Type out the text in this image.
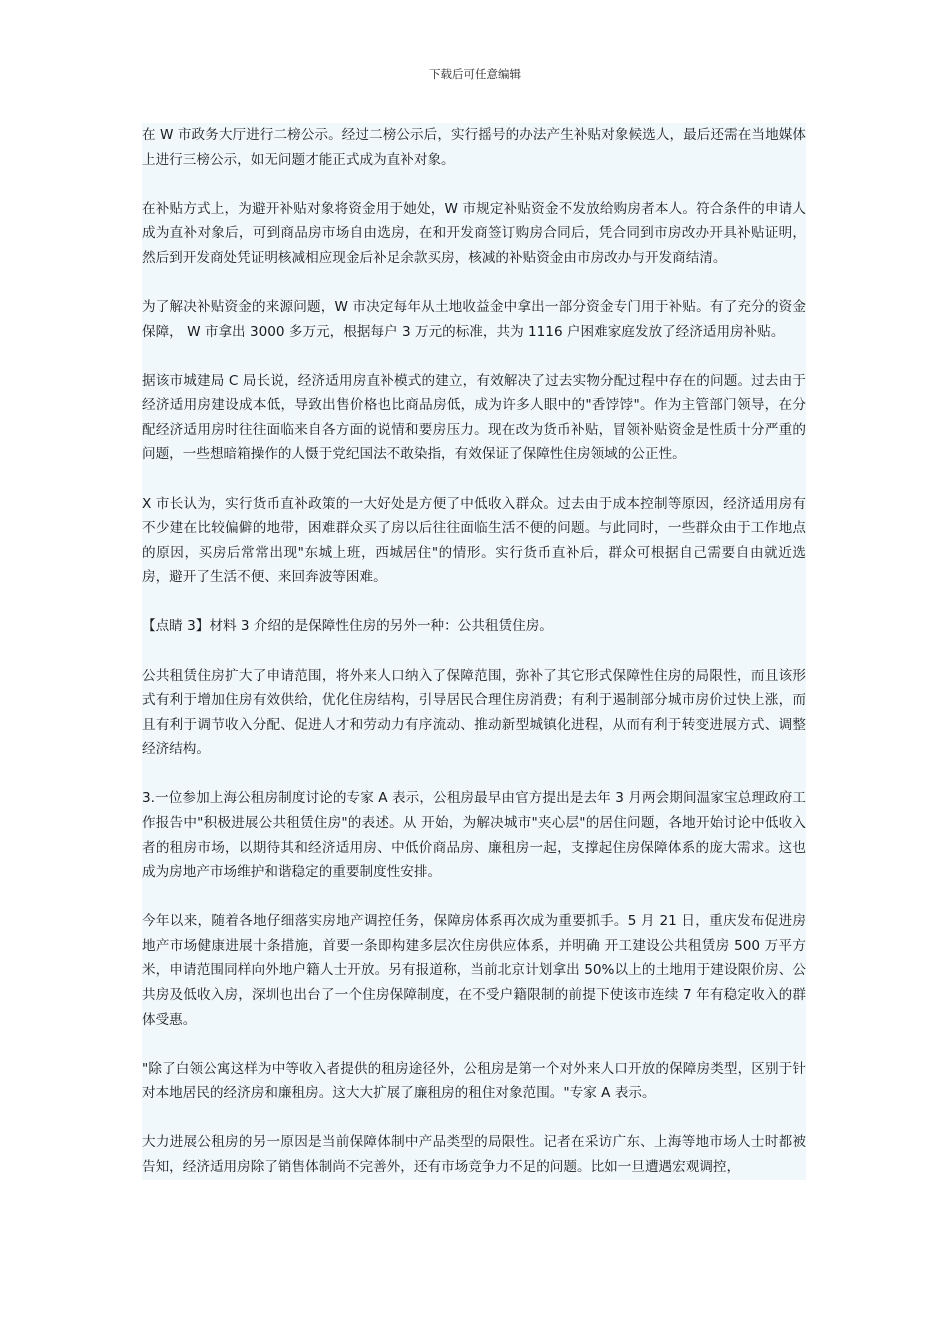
下载后可任意编辑

在 W 市政务大厅进行二榜公示。经过二榜公示后，实行摇号的办法产生补贴对象候选人，最后还需在当地媒体上进行三榜公示，如无问题才能正式成为直补对象。

在补贴方式上，为避开补贴对象将资金用于她处，W 市规定补贴资金不发放给购房者本人。符合条件的申请人成为直补对象后，可到商品房市场自由选房，在和开发商签订购房合同后，凭合同到市房改办开具补贴证明，然后到开发商处凭证明核减相应现金后补足余款买房，核减的补贴资金由市房改办与开发商结清。

为了解决补贴资金的来源问题，W 市决定每年从土地收益金中拿出一部分资金专门用于补贴。有了充分的资金保障， W 市拿出 3000 多万元，根据每户 3 万元的标准，共为 1116 户困难家庭发放了经济适用房补贴。

据该市城建局 C 局长说，经济适用房直补模式的建立，有效解决了过去实物分配过程中存在的问题。过去由于经济适用房建设成本低，导致出售价格也比商品房低，成为许多人眼中的"香饽饽"。作为主管部门领导，在分配经济适用房时往往面临来自各方面的说情和要房压力。现在改为货币补贴，冒领补贴资金是性质十分严重的问题，一些想暗箱操作的人慑于党纪国法不敢染指，有效保证了保障性住房领域的公正性。

X 市长认为，实行货币直补政策的一大好处是方便了中低收入群众。过去由于成本控制等原因，经济适用房有不少建在比较偏僻的地带，困难群众买了房以后往往面临生活不便的问题。与此同时，一些群众由于工作地点的原因，买房后常常出现"东城上班，西城居住"的情形。实行货币直补后，群众可根据自己需要自由就近选房，避开了生活不便、来回奔波等困难。

【点睛 3】材料 3 介绍的是保障性住房的另外一种：公共租赁住房。

公共租赁住房扩大了申请范围，将外来人口纳入了保障范围，弥补了其它形式保障性住房的局限性，而且该形式有利于增加住房有效供给，优化住房结构，引导居民合理住房消费；有利于遏制部分城市房价过快上涨，而且有利于调节收入分配、促进人才和劳动力有序流动、推动新型城镇化进程，从而有利于转变进展方式、调整经济结构。

3.一位参加上海公租房制度讨论的专家 A 表示，公租房最早由官方提出是去年 3 月两会期间温家宝总理政府工作报告中"积极进展公共租赁住房"的表述。从 开始，为解决城市"夹心层"的居住问题，各地开始讨论中低收入者的租房市场，以期待其和经济适用房、中低价商品房、廉租房一起，支撑起住房保障体系的庞大需求。这也成为房地产市场维护和谐稳定的重要制度性安排。

今年以来，随着各地仔细落实房地产调控任务，保障房体系再次成为重要抓手。5 月 21 日，重庆发布促进房地产市场健康进展十条措施，首要一条即构建多层次住房供应体系，并明确 开工建设公共租赁房 500 万平方米，申请范围同样向外地户籍人士开放。另有报道称，当前北京计划拿出 50%以上的土地用于建设限价房、公共房及低收入房，深圳也出台了一个住房保障制度，在不受户籍限制的前提下使该市连续 7 年有稳定收入的群体受惠。

"除了白领公寓这样为中等收入者提供的租房途径外，公租房是第一个对外来人口开放的保障房类型，区别于针对本地居民的经济房和廉租房。这大大扩展了廉租房的租住对象范围。"专家 A 表示。

大力进展公租房的另一原因是当前保障体制中产品类型的局限性。记者在采访广东、上海等地市场人士时都被告知，经济适用房除了销售体制尚不完善外，还有市场竞争力不足的问题。比如一旦遭遇宏观调控，
